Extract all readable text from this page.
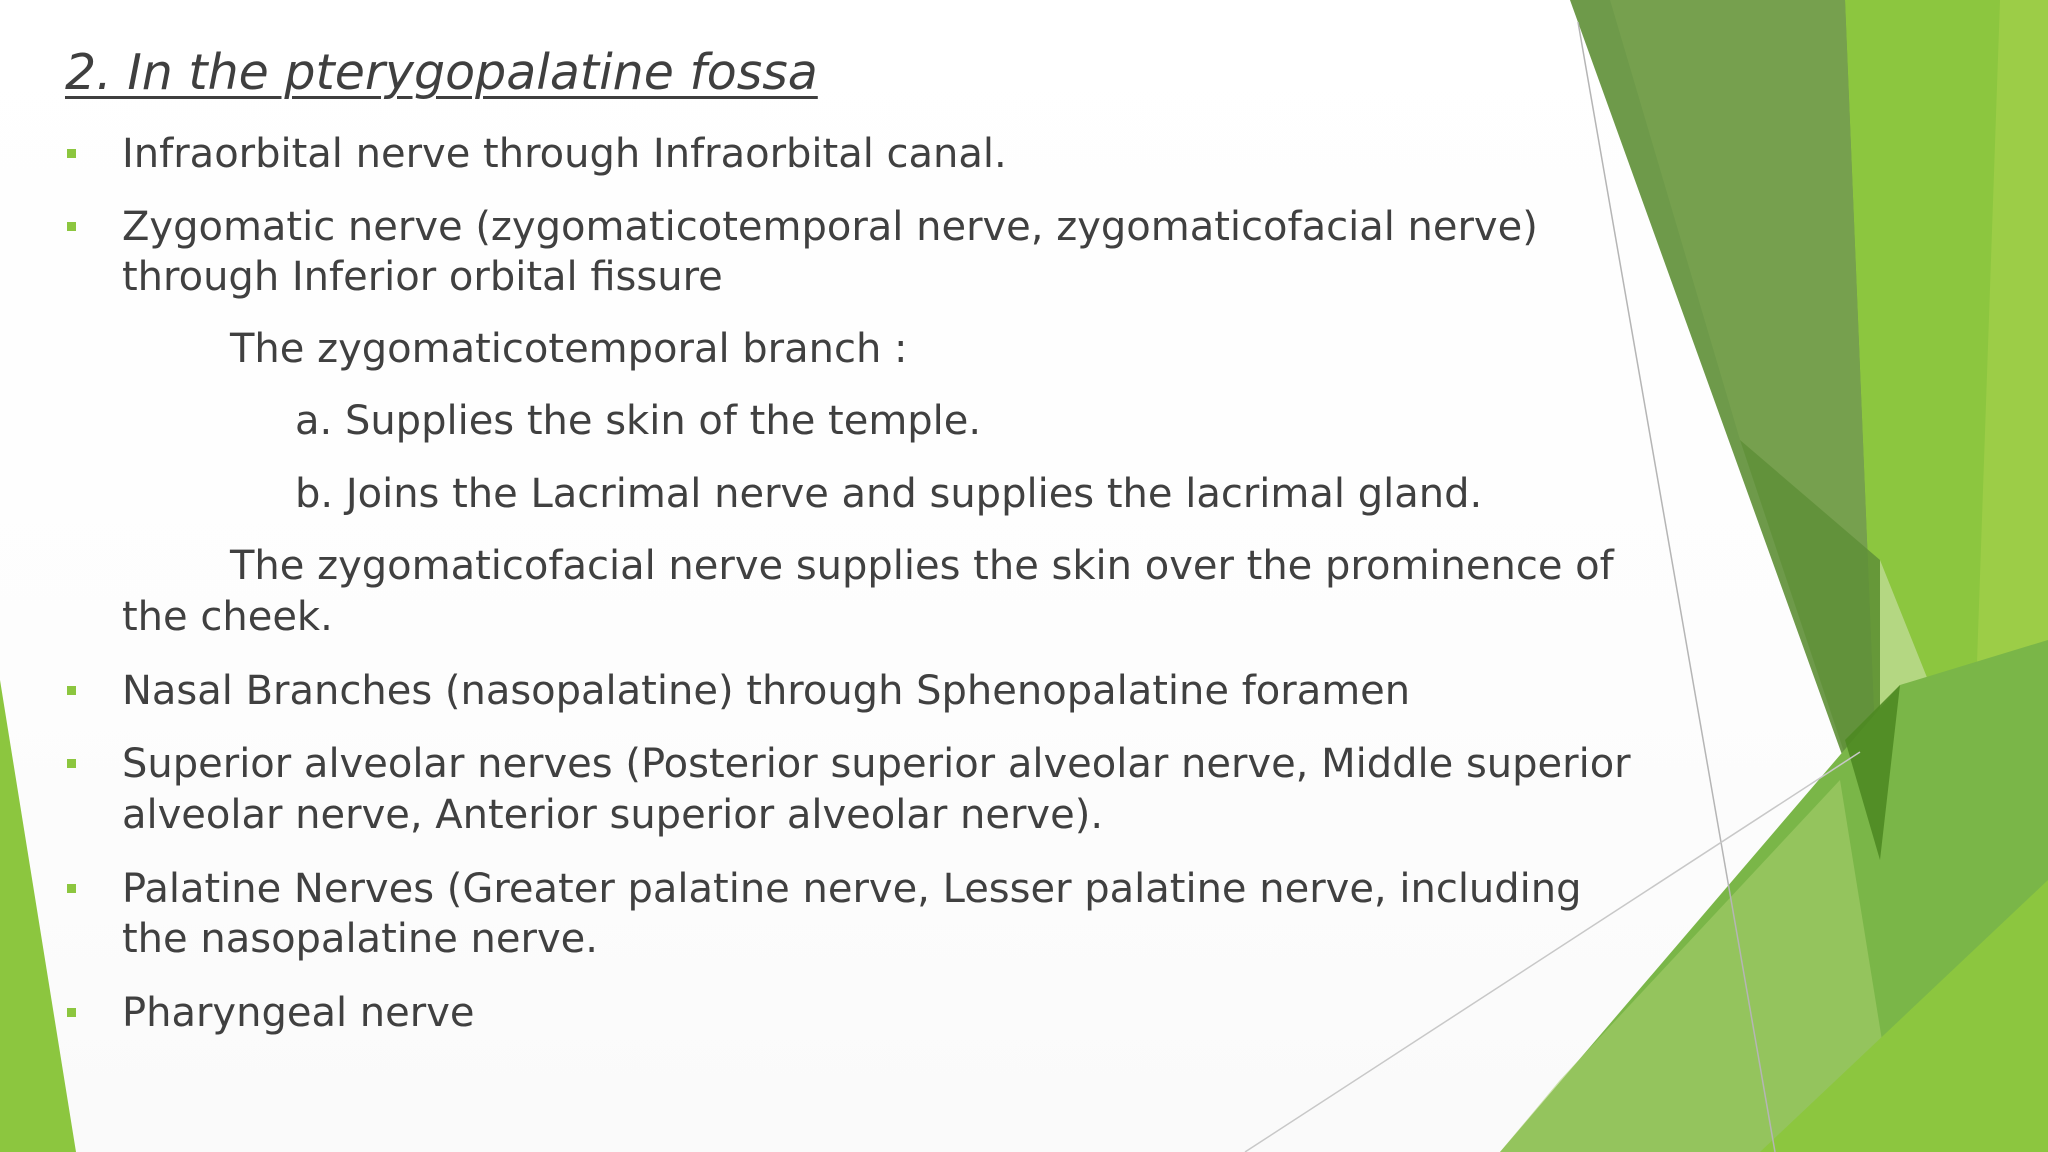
2. In the pterygopalatine fossa

Infraorbital nerve through Infraorbital canal.

Zygomatic nerve (zygomaticotemporal nerve, zygomaticofacial nerve)

through Inferior orbital fissure

The zygomaticotemporal branch :

a. Supplies the skin of the temple.

b. Joins the Lacrimal nerve and supplies the lacrimal gland.

The zygomaticofacial nerve supplies the skin over the prominence of

the cheek.

Nasal Branches (nasopalatine) through Sphenopalatine foramen

Superior alveolar nerves (Posterior superior alveolar nerve, Middle superior

alveolar nerve, Anterior superior alveolar nerve).

Palatine Nerves (Greater palatine nerve, Lesser palatine nerve, including

the nasopalatine nerve.

Pharyngeal nerve
